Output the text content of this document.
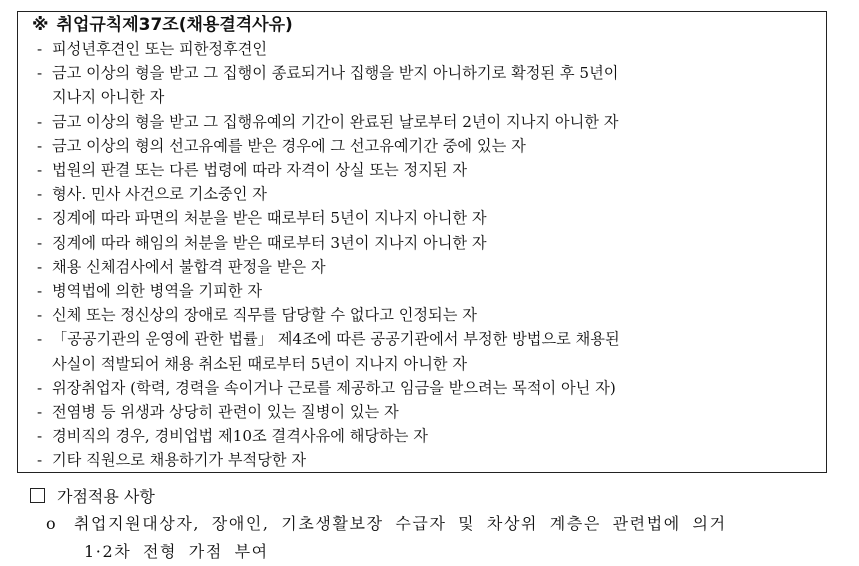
※ 취업규칙제37조(채용결격사유)
- 피성년후견인 또는 피한정후견인
- 금고 이상의 형을 받고 그 집행이 종료되거나 집행을 받지 아니하기로 확정된 후 5년이
지나지 아니한 자
- 금고 이상의 형을 받고 그 집행유예의 기간이 완료된 날로부터 2년이 지나지 아니한 자
- 금고 이상의 형의 선고유예를 받은 경우에 그 선고유예기간 중에 있는 자
- 법원의 판결 또는 다른 법령에 따라 자격이 상실 또는 정지된 자
- 형사. 민사 사건으로 기소중인 자
- 징계에 따라 파면의 처분을 받은 때로부터 5년이 지나지 아니한 자
- 징계에 따라 해임의 처분을 받은 때로부터 3년이 지나지 아니한 자
- 채용 신체검사에서 불합격 판정을 받은 자
- 병역법에 의한 병역을 기피한 자
- 신체 또는 정신상의 장애로 직무를 담당할 수 없다고 인정되는 자
- 「공공기관의 운영에 관한 법률」 제4조에 따른 공공기관에서 부정한 방법으로 채용된
사실이 적발되어 채용 취소된 때로부터 5년이 지나지 아니한 자
- 위장취업자 (학력, 경력을 속이거나 근로를 제공하고 임금을 받으려는 목적이 아닌 자)
- 전염병 등 위생과 상당히 관련이 있는 질병이 있는 자
- 경비직의 경우, 경비업법 제10조 결격사유에 해당하는 자
- 기타 직원으로 채용하기가 부적당한 자
가점적용 사항
o	취업지원대상자, 장애인, 기초생활보장 수급자 및 차상위 계층은 관련법에 의거
1·2차 전형 가점 부여
